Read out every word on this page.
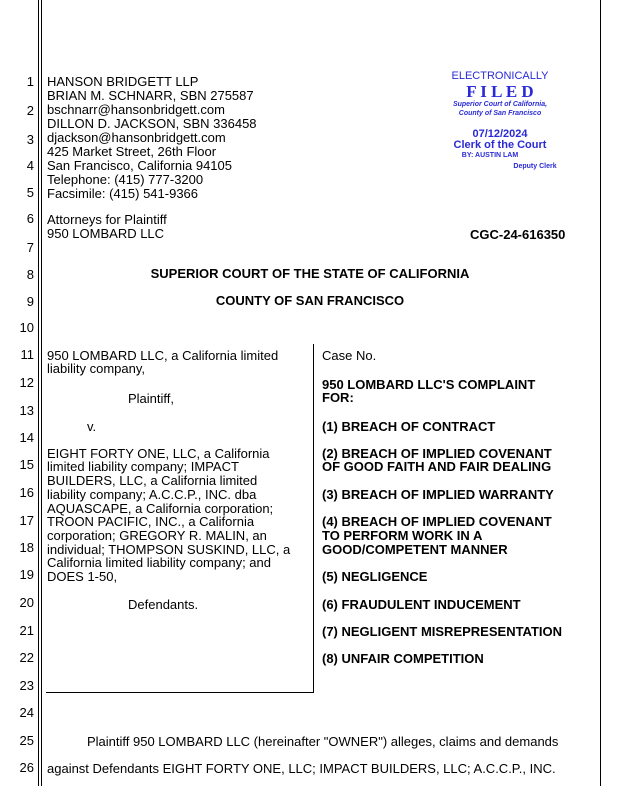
1
2
3
4
5
6
7
8
9
10
11
12
13
14
15
16
17
18
19
20
21
22
23
24
25
26
HANSON BRIDGETT LLP
BRIAN M. SCHNARR, SBN 275587
bschnarr@hansonbridgett.com
DILLON D. JACKSON, SBN 336458
djackson@hansonbridgett.com
425 Market Street, 26th Floor
San Francisco, California 94105
Telephone: (415) 777-3200
Facsimile: (415) 541-9366
Attorneys for Plaintiff
950 LOMBARD LLC
ELECTRONICALLY
F I L E D
Superior Court of California,
County of San Francisco
07/12/2024
Clerk of the Court
BY: AUSTIN LAM
Deputy Clerk
CGC-24-616350
SUPERIOR COURT OF THE STATE OF CALIFORNIA
COUNTY OF SAN FRANCISCO
950 LOMBARD LLC, a California limited
liability company,
Plaintiff,
v.
EIGHT FORTY ONE, LLC, a California
limited liability company; IMPACT
BUILDERS, LLC, a California limited
liability company; A.C.C.P., INC. dba
AQUASCAPE, a California corporation;
TROON PACIFIC, INC., a California
corporation; GREGORY R. MALIN, an
individual; THOMPSON SUSKIND, LLC, a
California limited liability company; and
DOES 1-50,
Defendants.
Case No.
950 LOMBARD LLC'S COMPLAINT
FOR:
(1) BREACH OF CONTRACT
(2) BREACH OF IMPLIED COVENANT
OF GOOD FAITH AND FAIR DEALING
(3) BREACH OF IMPLIED WARRANTY
(4) BREACH OF IMPLIED COVENANT
TO PERFORM WORK IN A
GOOD/COMPETENT MANNER
(5) NEGLIGENCE
(6) FRAUDULENT INDUCEMENT
(7) NEGLIGENT MISREPRESENTATION
(8) UNFAIR COMPETITION
Plaintiff 950 LOMBARD LLC (hereinafter "OWNER") alleges, claims and demands
against Defendants EIGHT FORTY ONE, LLC; IMPACT BUILDERS, LLC; A.C.C.P., INC.
